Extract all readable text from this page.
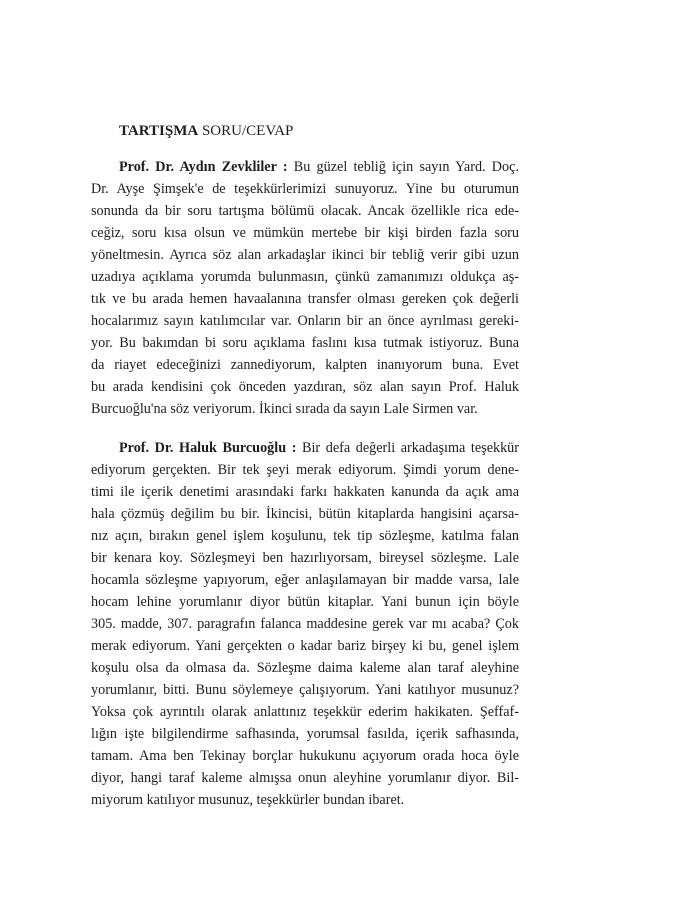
TARTIŞMA SORU/CEVAP
Prof. Dr. Aydın Zevkliler : Bu güzel tebliğ için sayın Yard. Doç.
Dr. Ayşe Şimşek'e de teşekkürlerimizi sunuyoruz. Yine bu oturumun
sonunda da bir soru tartışma bölümü olacak. Ancak özellikle rica ede-
ceğiz, soru kısa olsun ve mümkün mertebe bir kişi birden fazla soru
yöneltmesin. Ayrıca söz alan arkadaşlar ikinci bir tebliğ verir gibi uzun
uzadıya açıklama yorumda bulunmasın, çünkü zamanımızı oldukça aş-
tık ve bu arada hemen havaalanına transfer olması gereken çok değerli
hocalarımız sayın katılımcılar var. Onların bir an önce ayrılması gereki-
yor. Bu bakımdan bi soru açıklama faslını kısa tutmak istiyoruz. Buna
da riayet edeceğinizi zannediyorum, kalpten inanıyorum buna. Evet
bu arada kendisini çok önceden yazdıran, söz alan sayın Prof. Haluk
Burcuoğlu'na söz veriyorum. İkinci sırada da sayın Lale Sirmen var.
Prof. Dr. Haluk Burcuoğlu : Bir defa değerli arkadaşıma teşekkür
ediyorum gerçekten. Bir tek şeyi merak ediyorum. Şimdi yorum dene-
timi ile içerik denetimi arasındaki farkı hakkaten kanunda da açık ama
hala çözmüş değilim bu bir. İkincisi, bütün kitaplarda hangisini açarsa-
nız açın, bırakın genel işlem koşulunu, tek tip sözleşme, katılma falan
bir kenara koy. Sözleşmeyi ben hazırlıyorsam, bireysel sözleşme. Lale
hocamla sözleşme yapıyorum, eğer anlaşılamayan bir madde varsa, lale
hocam lehine yorumlanır diyor bütün kitaplar. Yani bunun için böyle
305. madde, 307. paragrafın falanca maddesine gerek var mı acaba? Çok
merak ediyorum. Yani gerçekten o kadar bariz birşey ki bu, genel işlem
koşulu olsa da olmasa da. Sözleşme daima kaleme alan taraf aleyhine
yorumlanır, bitti. Bunu söylemeye çalışıyorum. Yani katılıyor musunuz?
Yoksa çok ayrıntılı olarak anlattınız teşekkür ederim hakikaten. Şeffaf-
lığın işte bilgilendirme safhasında, yorumsal fasılda, içerik safhasında,
tamam. Ama ben Tekinay borçlar hukukunu açıyorum orada hoca öyle
diyor, hangi taraf kaleme almışsa onun aleyhine yorumlanır diyor. Bil-
miyorum katılıyor musunuz, teşekkürler bundan ibaret.
